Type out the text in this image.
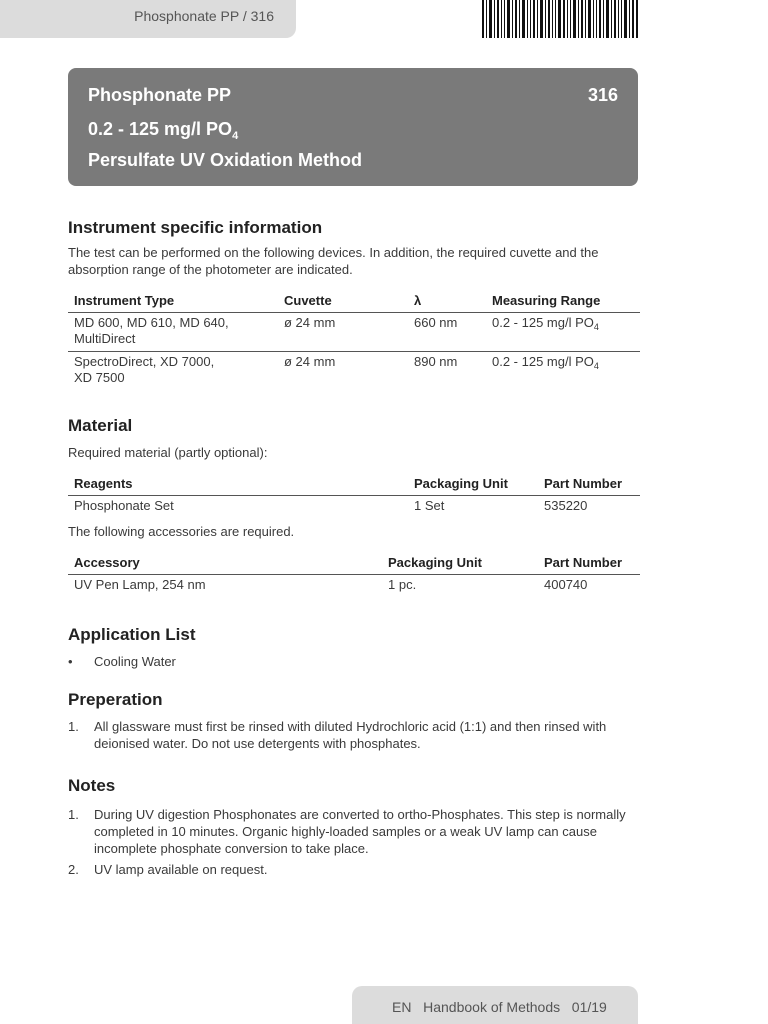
Phosphonate PP / 316
Phosphonate PP	316
0.2 - 125 mg/l $PO_4$
Persulfate UV Oxidation Method
Instrument specific information

The test can be performed on the following devices. In addition, the required cuvette and the absorption range of the photometer are indicated.

Instrument Type	Cuvette	λ	Measuring Range
MD 600, MD 610, MD 640,
MultiDirect	ø 24 mm	660 nm	0.2 - 125 mg/l $PO_4$
SpectroDirect, XD 7000,
XD 7500	ø 24 mm	890 nm	0.2 - 125 mg/l $PO_4$
Material

Required material (partly optional):

Reagents	Packaging Unit	Part Number
Phosphonate Set	1 Set	535220

The following accessories are required.

Accessory	Packaging Unit	Part Number
UV Pen Lamp, 254 nm	1 pc.	400740
Application List
• Cooling Water
Preperation
1. All glassware must first be rinsed with diluted Hydrochloric acid (1:1) and then rinsed with deionised water. Do not use detergents with phosphates.
Notes
1. During UV digestion Phosphonates are converted to ortho-Phosphates. This step is normally completed in 10 minutes. Organic highly-loaded samples or a weak UV lamp can cause incomplete phosphate conversion to take place.
2. UV lamp available on request.
EN Handbook of Methods 01/19
